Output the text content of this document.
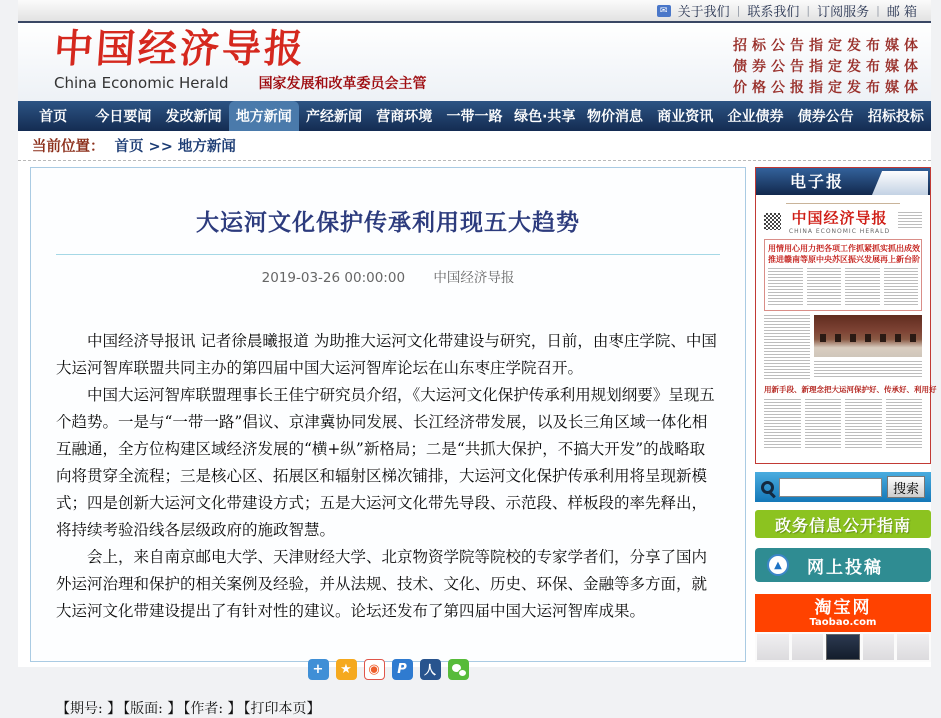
✉ 关于我们 | 联系我们 | 订阅服务 | 邮 箱
中国经济导报
China Economic Herald 国家发展和改革委员会主管
招标公告指定发布媒体
债券公告指定发布媒体
价格公报指定发布媒体
首页	今日要闻	发改新闻	地方新闻	产经新闻	营商环境	一带一路 绿色·共享 物价消息	商业资讯	企业债券	债券公告	招标投标
当前位置： 首页 >> 地方新闻
大运河文化保护传承利用现五大趋势
2019-03-26 00:00:00 中国经济导报

中国经济导报讯 记者徐晨曦报道 为助推大运河文化带建设与研究，日前，由枣庄学院、中国大运河智库联盟共同主办的第四届中国大运河智库论坛在山东枣庄学院召开。

中国大运河智库联盟理事长王佳宁研究员介绍，《大运河文化保护传承利用规划纲要》呈现五个趋势。一是与“一带一路”倡议、京津冀协同发展、长江经济带发展，以及长三角区域一体化相互融通，全方位构建区域经济发展的“横+纵”新格局；二是“共抓大保护，不搞大开发”的战略取向将贯穿全流程；三是核心区、拓展区和辐射区梯次铺排，大运河文化保护传承利用将呈现新模式；四是创新大运河文化带建设方式；五是大运河文化带先导段、示范段、样板段的率先释出，将持续考验沿线各层级政府的施政智慧。

会上，来自南京邮电大学、天津财经大学、北京物资学院等院校的专家学者们，分享了国内外运河治理和保护的相关案例及经验，并从法规、技术、文化、历史、环保、金融等多方面，就大运河文化带建设提出了有针对性的建议。论坛还发布了第四届中国大运河智库成果。

+	★	◉	P	人
【期号: 】 【版面: 】 【作者: 】 【打印本页】
电子报
中国经济导报
CHINA ECONOMIC HERALD
用情用心用力把各项工作抓紧抓实抓出成效
推进赣南等原中央苏区振兴发展再上新台阶
用新手段、新理念把大运河保护好、传承好、利用好
搜索
政务信息公开指南
▲	网上投稿
淘宝网
Taobao.com
